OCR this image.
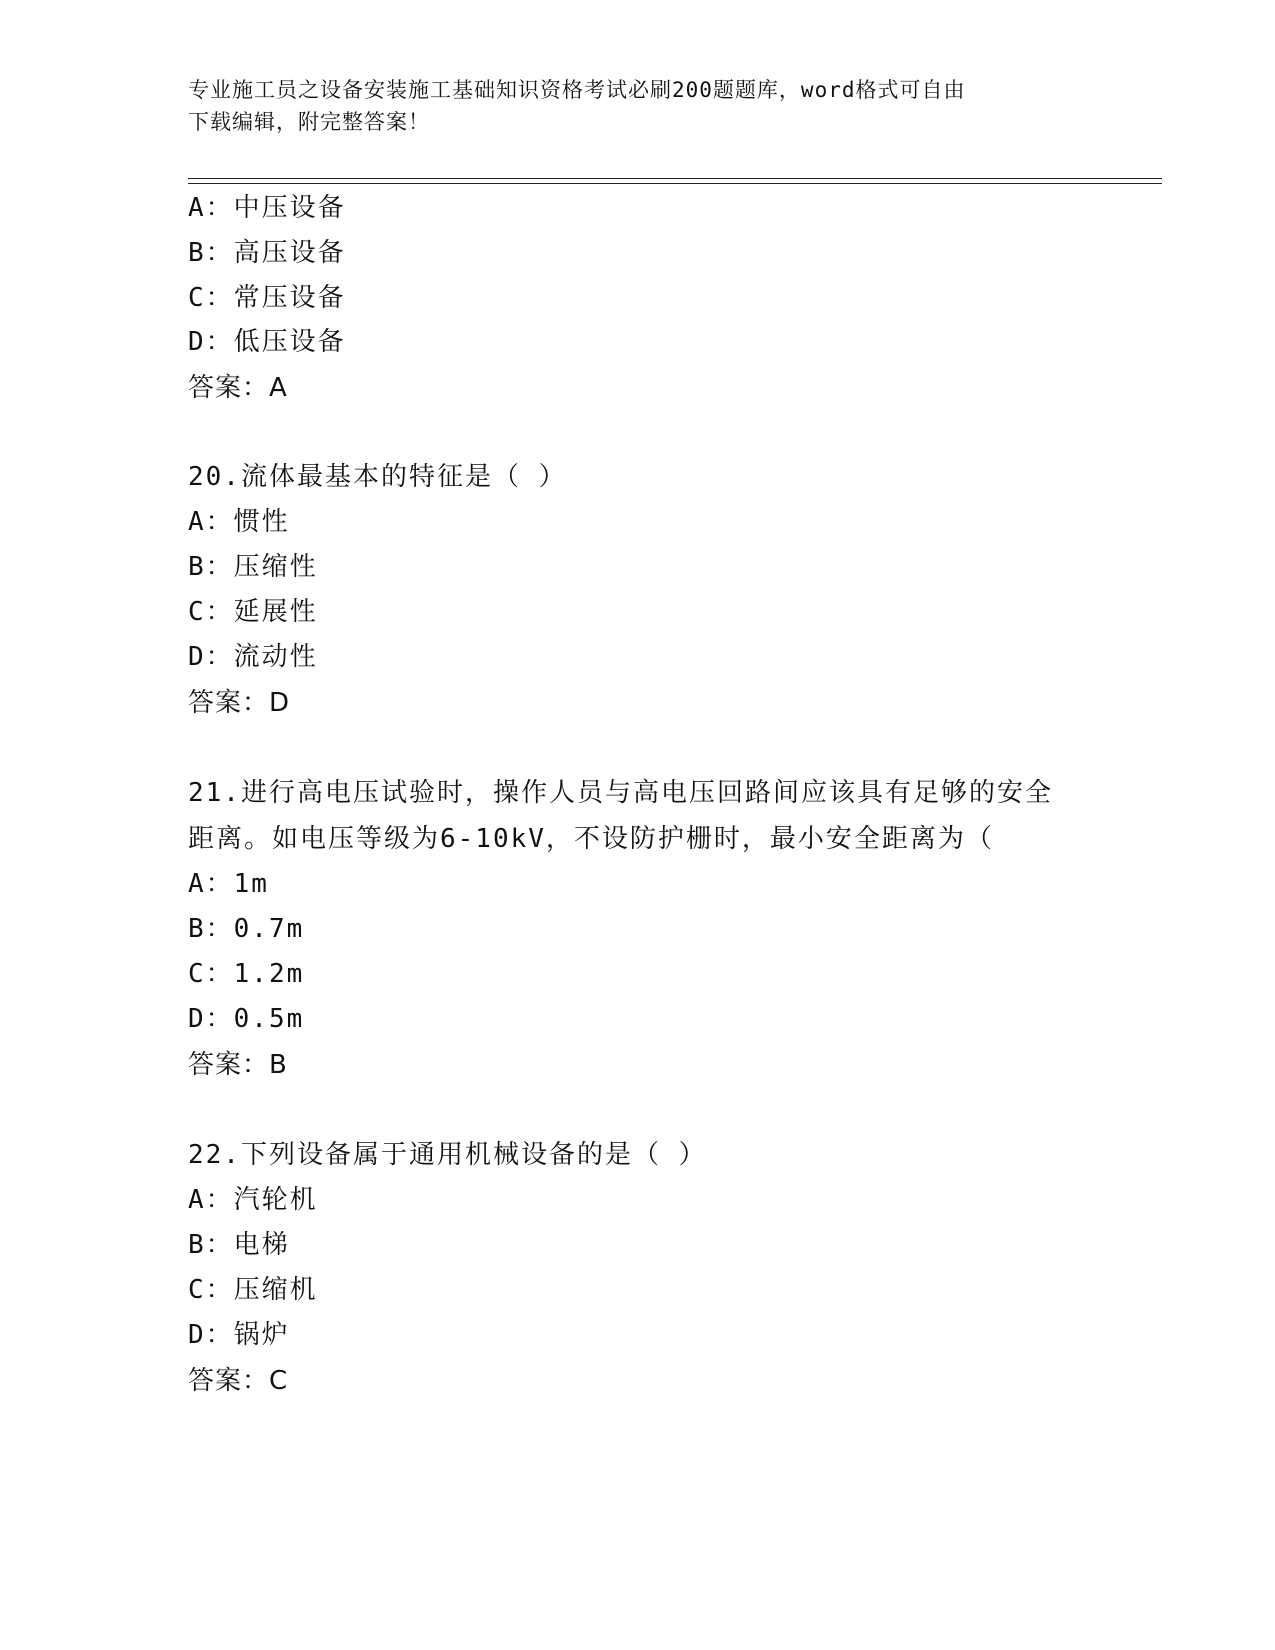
专业施工员之设备安装施工基础知识资格考试必刷200题题库，word格式可自由
下载编辑，附完整答案！
A：中压设备
B：高压设备
C：常压设备
D：低压设备
答案：A
20.流体最基本的特征是（ ）
A：惯性
B：压缩性
C：延展性
D：流动性
答案：D
21.进行高电压试验时，操作人员与高电压回路间应该具有足够的安全
距离。如电压等级为6-10kV，不设防护栅时，最小安全距离为（
A：1m
B：0.7m
C：1.2m
D：0.5m
答案：B
22.下列设备属于通用机械设备的是（ ）
A：汽轮机
B：电梯
C：压缩机
D：锅炉
答案：C
